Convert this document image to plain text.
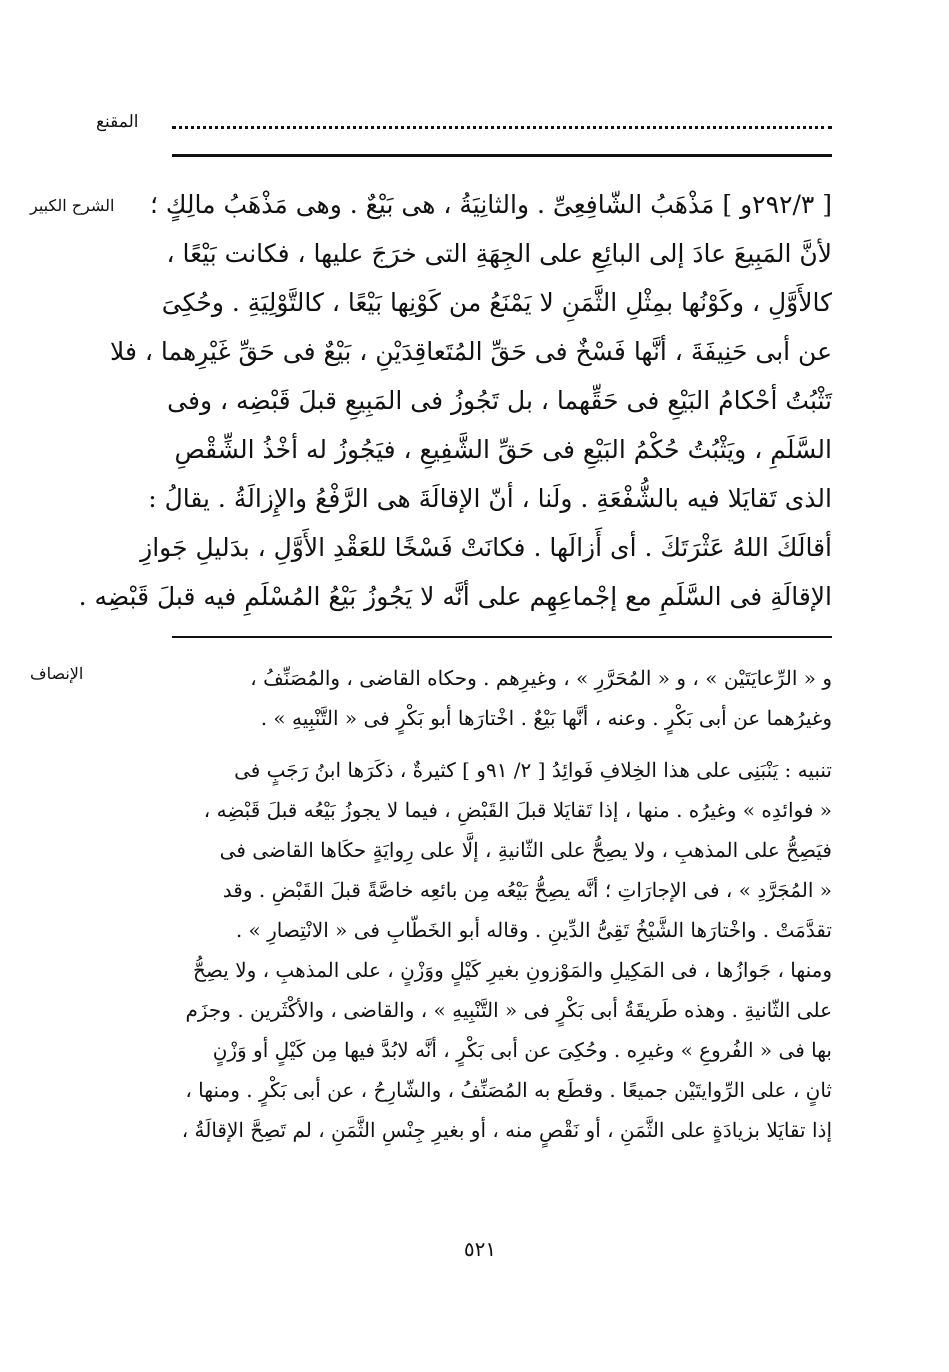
المقنع
الشرح الكبير	[ ٢٩٢/٣و ] مَذْهَبُ الشّافِعِىِّ . والثانِيَةُ ، هى بَيْعٌ . وهى مَذْهَبُ مالِكٍ ؛
لأنَّ المَبِيعَ عادَ إلى البائِعِ على الجِهَةِ التى خرَجَ عليها ، فكانت بَيْعًا ،
كالأَوَّلِ ، وكَوْنُها بمِثْلِ الثَّمَنِ لا يَمْنَعُ من كَوْنِها بَيْعًا ، كالتَّوْلِيَةِ . وحُكِىَ
عن أبى حَنِيفَةَ ، أنَّها فَسْخٌ فى حَقِّ المُتَعاقِدَيْنِ ، بَيْعٌ فى حَقِّ غَيْرِهما ، فلا
تَثْبُتُ أحْكامُ البَيْعِ فى حَقِّهما ، بل تَجُوزُ فى المَبِيعِ قبلَ قَبْضِه ، وفى
السَّلَمِ ، ويَثْبُتُ حُكْمُ البَيْعِ فى حَقِّ الشَّفِيعِ ، فيَجُوزُ له أخْذُ الشِّقْصِ
الذى تَقايَلا فيه بالشُّفْعَةِ . ولَنا ، أنّ الإقالَةَ هى الرَّفْعُ والإِزالَةُ . يقالُ :
أقالَكَ اللهُ عَثْرَتَكَ . أى أَزالَها . فكانَتْ فَسْخًا للعَقْدِ الأَوَّلِ ، بدَليلِ جَوازِ
الإقالَةِ فى السَّلَمِ مع إجْماعِهِم على أنَّه لا يَجُوزُ بَيْعُ المُسْلَمِ فيه قبلَ قَبْضِه .
الإنصاف	و « الرِّعايَتَيْن » ، و « المُحَرَّرِ » ، وغيرِهم . وحكاه القاضى ، والمُصَنِّفُ ،
وغيرُهما عن أبى بَكْرٍ . وعنه ، أنَّها بَيْعٌ . اخْتارَها أبو بَكْرٍ فى « التَّنْبِيهِ » .
تنبيه : يَنْبَنِى على هذا الخِلافِ فَوائِدُ [ ٢/ ٩١و ] كثيرةٌ ، ذكَرَها ابنُ رَجَبٍ فى
« فوائدِه » وغيرُه . منها ، إذا تَقايَلا قبلَ القَبْضِ ، فيما لا يجوزُ بَيْعُه قبلَ قَبْضِه ،
فيَصِحُّ على المذهبِ ، ولا يصِحُّ على الثّانيةِ ، إلَّا على رِوايَةٍ حكَاها القاضى فى
« المُجَرَّدِ » ، فى الإجارَاتِ ؛ أنَّه يصِحُّ بَيْعُه مِن بائعِه خاصَّةً قبلَ القَبْضِ . وقد
تقدَّمَتْ . واخْتارَها الشَّيْخُ تَقِىُّ الدِّينِ . وقاله أبو الخَطّابِ فى « الانْتِصارِ » .
ومنها ، جَوازُها ، فى المَكِيلِ والمَوْزونِ بغيرِ كَيْلٍ ووَزْنٍ ، على المذهبِ ، ولا يصِحُّ
على الثّانيةِ . وهذه طَريقَةُ أبى بَكْرٍ فى « التَّنْبِيهِ » ، والقاضى ، والأكْثَرين . وجزَم
بها فى « الفُروعِ » وغيرِه . وحُكِىَ عن أبى بَكْرٍ ، أنَّه لابُدَّ فيها مِن كَيْلٍ أو وَزْنٍ
ثانٍ ، على الرِّوايتَيْن جميعًا . وقطَع به المُصَنِّفُ ، والشّارِحُ ، عن أبى بَكْرٍ . ومنها ،
إذا تقايَلا بزيادَةٍ على الثَّمَنِ ، أو نَقْصٍ منه ، أو بغيرِ جِنْسِ الثَّمَنِ ، لم تَصِحَّ الإقالَةُ ،
٥٢١
